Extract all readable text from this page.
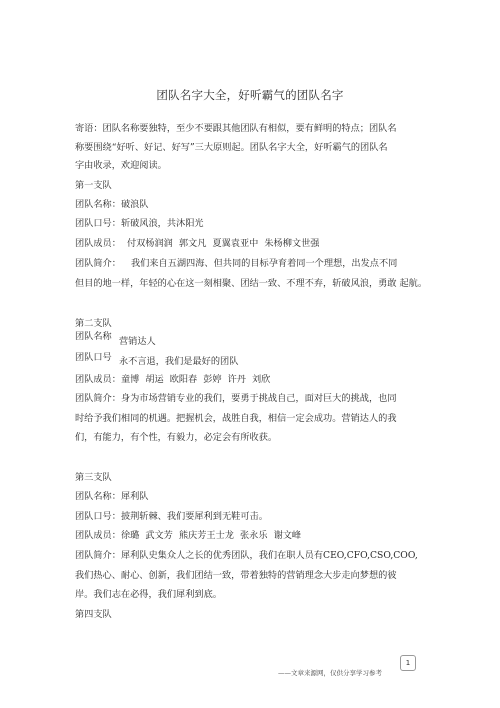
团队名字大全，好听霸气的团队名字
寄语：团队名称要独特，至少不要跟其他团队有相似，要有鲜明的特点；团队名
称要围绕“好听、好记、好写”三大原则起。团队名字大全，好听霸气的团队名
字由收录，欢迎阅读。
第一支队
团队名称：破浪队
团队口号：斩破风浪，共沐阳光
团队成员： 付双杨润润 郭文凡 夏翼袁亚中 朱杨柳文世强
团队简介： 我们来自五湖四海、但共同的目标孕育着同一个理想，出发点不同
但目的地一样，年轻的心在这一刻相聚、团结一致、不理不弃，斩破风浪，勇敢 起航。
第二支队
团队名称 营销达人
团队口号 永不言退，我们是最好的团队
团队成员：童博 胡运 欧阳春 彭婷 许丹 刘欣
团队简介：身为市场营销专业的我们，要勇于挑战自己，面对巨大的挑战，也同
时给予我们相同的机遇。把握机会，战胜自我，相信一定会成功。营销达人的我
们，有能力，有个性，有毅力，必定会有所收获。
第三支队
团队名称：犀利队
团队口号：披荆斩棘、我们要犀利到无鞋可击。
团队成员：徐璐 武文芳 熊庆芳王士龙 张永乐 谢文峰
团队简介：犀利队史集众人之长的优秀团队，我们在职人员有CEO,CFO,CSO,COO,
我们热心、耐心、创新，我们团结一致，带着独特的营销理念大步走向梦想的彼
岸。我们志在必得，我们犀利到底。
第四支队
1
——文章来源网，仅供分享学习参考
